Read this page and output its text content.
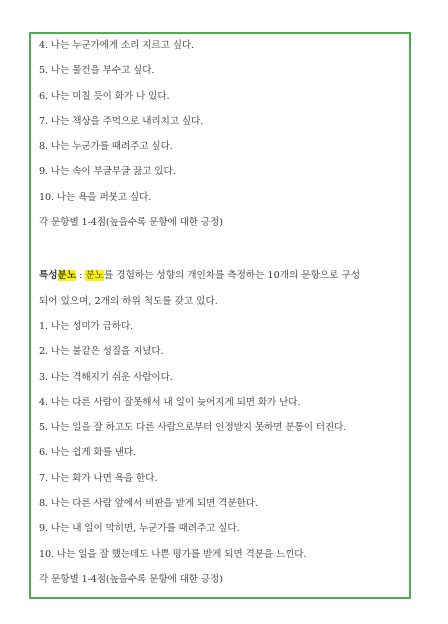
4. 나는 누군가에게 소리 지르고 싶다.

5. 나는 물건을 부수고 싶다.

6. 나는 미칠 듯이 화가 나 있다.

7. 나는 책상을 주먹으로 내리치고 싶다.

8. 나는 누군가를 때려주고 싶다.

9. 나는 속이 부글부글 끓고 있다.

10. 나는 욕을 퍼붓고 싶다.

각 문항별 1-4점(높을수록 문항에 대한 긍정)

특성분노 : 분노를 경험하는 성향의 개인차를 측정하는 10개의 문항으로 구성

되어 있으며, 2개의 하위 척도를 갖고 있다.

1. 나는 성미가 급하다.

2. 나는 불같은 성질을 지녔다.

3. 나는 격해지기 쉬운 사람이다.

4. 나는 다른 사람이 잘못해서 내 일이 늦어지게 되면 화가 난다.

5. 나는 일을 잘 하고도 다른 사람으로부터 인정받지 못하면 분통이 터진다.

6. 나는 쉽게 화를 낸다.

7. 나는 화가 나면 욕을 한다.

8. 나는 다른 사람 앞에서 비판을 받게 되면 격분한다.

9. 나는 내 일이 막히면, 누군가를 때려주고 싶다.

10. 나는 일을 잘 했는데도 나쁜 평가를 받게 되면 격분을 느낀다.

각 문항별 1-4점(높을수록 문항에 대한 긍정)
